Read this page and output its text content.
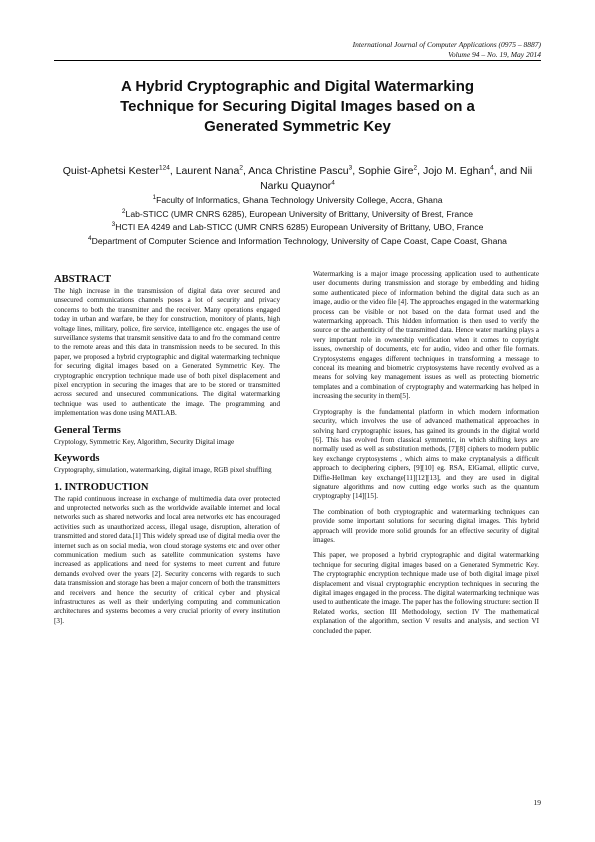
International Journal of Computer Applications (0975 – 8887)
Volume 94 – No. 19, May 2014
A Hybrid Cryptographic and Digital Watermarking
Technique for Securing Digital Images based on a
Generated Symmetric Key
Quist-Aphetsi Kester$^{124}$, Laurent Nana$^2$, Anca Christine Pascu$^3$, Sophie Gire$^2$, Jojo M. Eghan$^4$, and Nii Narku Quaynor$^4$
$^1$Faculty of Informatics, Ghana Technology University College, Accra, Ghana
$^2$Lab-STICC (UMR CNRS 6285), European University of Brittany, University of Brest, France
$^3$HCTI EA 4249 and Lab-STICC (UMR CNRS 6285) European University of Brittany, UBO, France
$^4$Department of Computer Science and Information Technology, University of Cape Coast, Cape Coast, Ghana
ABSTRACT

The high increase in the transmission of digital data over secured and unsecured communications channels poses a lot of security and privacy concerns to both the transmitter and the receiver. Many operations engaged today in urban and warfare, be they for construction, monitory of plants, high voltage lines, military, police, fire service, intelligence etc. engages the use of surveillance systems that transmit sensitive data to and fro the command centre to the remote areas and this data in transmission needs to be secured. In this paper, we proposed a hybrid cryptographic and digital watermarking technique for securing digital images based on a Generated Symmetric Key. The cryptographic encryption technique made use of both pixel displacement and pixel encryption in securing the images that are to be stored or transmitted across secured and unsecured communications. The digital watermarking technique was used to authenticate the image. The programming and implementation was done using MATLAB.

General Terms

Cryptology, Symmetric Key, Algorithm, Security Digital image

Keywords

Cryptography, simulation, watermarking, digital image, RGB pixel shuffling

1. INTRODUCTION

The rapid continuous increase in exchange of multimedia data over protected and unprotected networks such as the worldwide available internet and local networks such as shared networks and local area networks etc has encouraged activities such as unauthorized access, illegal usage, disruption, alteration of transmitted and stored data.[1] This widely spread use of digital media over the internet such as on social media, won cloud storage systems etc and over other communication medium such as satellite communication systems have increased as applications and need for systems to meet current and future demands evolved over the years [2]. Security concerns with regards to such data transmission and storage has been a major concern of both the transmitters and receivers and hence the security of critical cyber and physical infrastructures as well as their underlying computing and communication architectures and systems becomes a very crucial priority of every institution [3].

Watermarking is a major image processing application used to authenticate user documents during transmission and storage by embedding and hiding some authenticated piece of information behind the digital data such as an image, audio or the video file [4]. The approaches engaged in the watermarking process can be visible or not based on the data format used and the watermarking approach. This hidden information is then used to verify the source or the authenticity of the transmitted data. Hence water marking plays a very important role in ownership verification when it comes to copyright issues, ownership of documents, etc for audio, video and other file formats. Cryptosystems engages different techniques in transforming a message to conceal its meaning and biometric cryptosystems have recently evolved as a means for solving key management issues as well as protecting biometric templates and a combination of cryptography and watermarking has helped in increasing the security in them[5].

Cryptography is the fundamental platform in which modern information security, which involves the use of advanced mathematical approaches in solving hard cryptographic issues, has gained its grounds in the digital world [6]. This has evolved from classical symmetric, in which shifting keys are normally used as well as substitution methods, [7][8] ciphers to modern public key exchange cryptosystems , which aims to make cryptanalysis a difficult approach to deciphering ciphers, [9][10] eg. RSA, ElGamal, elliptic curve, Diffie-Hellman key exchange[11][12][13], and they are used in digital signature algorithms and now cutting edge works such as the quantum cryptography [14][15].

The combination of both cryptographic and watermarking techniques can provide some important solutions for securing digital images. This hybrid approach will provide more solid grounds for an effective security of digital images.

This paper, we proposed a hybrid cryptographic and digital watermarking technique for securing digital images based on a Generated Symmetric Key. The cryptographic encryption technique made use of both digital image pixel displacement and visual cryptographic encryption techniques in securing the digital images engaged in the process. The digital watermarking technique was used to authenticate the image. The paper has the following structure: section II Related works, section III Methodology, section IV The mathematical explanation of the algorithm, section V results and analysis, and section VI concluded the paper.

19
